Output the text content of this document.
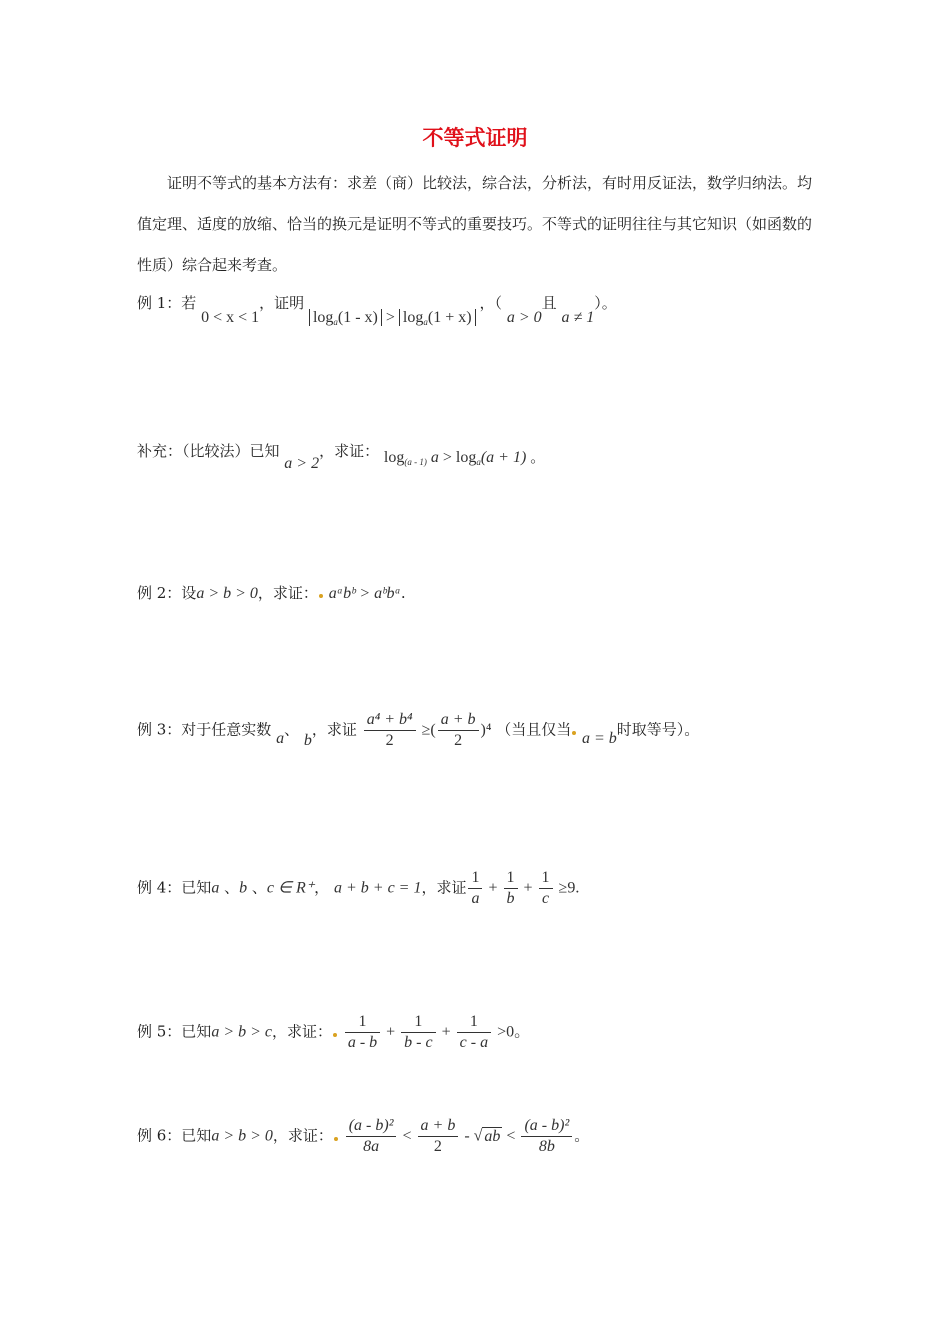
不等式证明
证明不等式的基本方法有：求差（商）比较法，综合法，分析法，有时用反证法，数学归纳法。均值定理、适度的放缩、恰当的换元是证明不等式的重要技巧。不等式的证明往往与其它知识（如函数的性质）综合起来考查。
例 1：若 0 < x < 1，证明 loga(1 - x) > loga(1 + x) ，（ a > 0且 a ≠ 1）。
补充：（比较法）已知 a > 2，求证： log(a - 1) a > loga(a + 1) 。
例 2：设a > b > 0，求证： aᵃbᵇ > aᵇbᵃ.
例 3：对于任意实数 a、 b，求证 $\frac{\text{a⁴ + b⁴}}{2}$ ≥( $\frac{a + b}{2} )^4$ （当且仅当 a = b时取等号）。
例 4：已知a 、b 、c ∈ R⁺， a + b + c = 1，求证 $\frac{1}{a} + \frac{1}{b} + \frac{1}{c} \ge 9$.
例 5：已知a > b > c，求证： $\frac{1}{a - b} + \frac{1}{b - c} + \frac{1}{c - a} >0$。
例 6：已知a > b > 0，求证： $\frac{\text{(a - b)²}}{8a} < \frac{a + b}{2}$ - √ ab < $\frac{\text{(a - b)²}}{8b}$ 。
